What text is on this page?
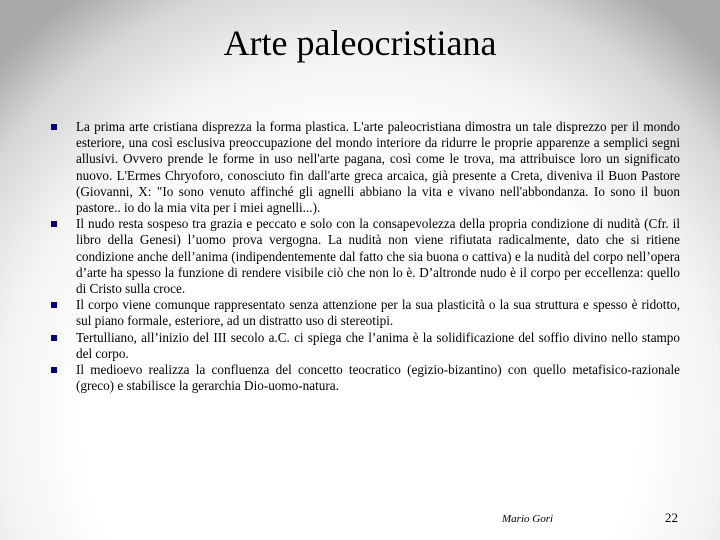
Arte paleocristiana
La prima arte cristiana disprezza la forma plastica. L'arte paleocristiana dimostra un tale disprezzo per il mondo esteriore, una così esclusiva preoccupazione del mondo interiore da ridurre le proprie apparenze a semplici segni allusivi. Ovvero prende le forme in uso nell'arte pagana, così come le trova, ma attribuisce loro un significato nuovo. L'Ermes Chryoforo, conosciuto fin dall'arte greca arcaica, già presente a Creta, diveniva il Buon Pastore (Giovanni, X: "Io sono venuto affinché gli agnelli abbiano la vita e vivano nell'abbondanza. Io sono il buon pastore.. io do la mia vita per i miei agnelli...).
Il nudo resta sospeso tra grazia e peccato e solo con la consapevolezza della propria condizione di nudità (Cfr. il libro della Genesi) l’uomo prova vergogna. La nudità non viene rifiutata radicalmente, dato che si ritiene condizione anche dell’anima (indipendentemente dal fatto che sia buona o cattiva) e la nudità del corpo nell’opera d’arte ha spesso la funzione di rendere visibile ciò che non lo è. D’altronde nudo è il corpo per eccellenza: quello di Cristo sulla croce.
Il corpo viene comunque rappresentato senza attenzione per la sua plasticità o la sua struttura e spesso è ridotto, sul piano formale, esteriore, ad un distratto uso di stereotipi.
Tertulliano, all’inizio del III secolo a.C. ci spiega che l’anima è la solidificazione del soffio divino nello stampo del corpo.
Il medioevo realizza la confluenza del concetto teocratico (egizio-bizantino) con quello metafisico-razionale (greco) e stabilisce la gerarchia Dio-uomo-natura.
Mario Gori	22
